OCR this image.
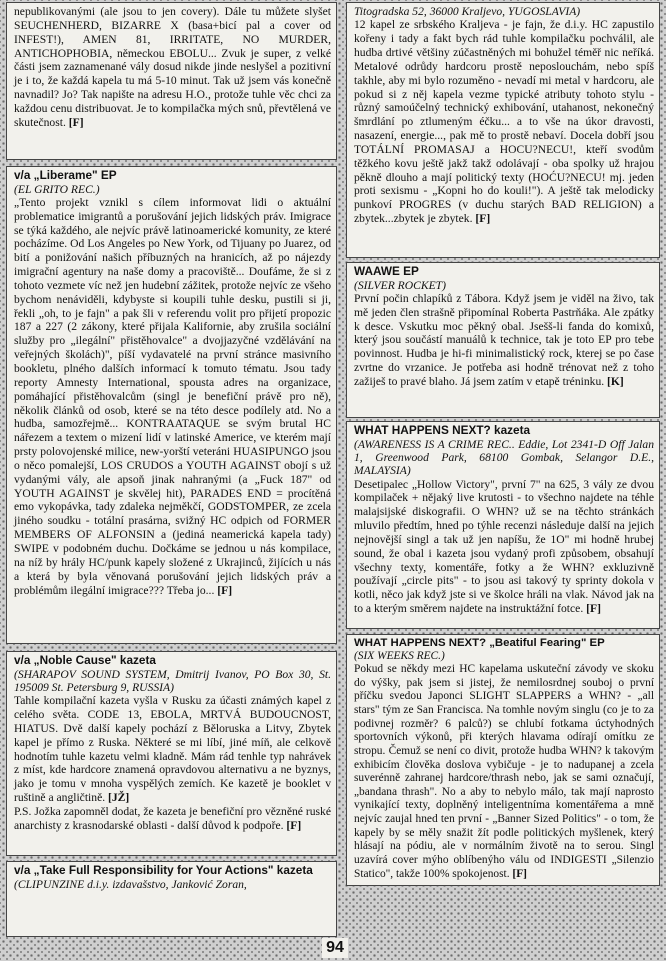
nepublikovanými (ale jsou to jen covery). Dále tu můžete slyšet SEUCHENHERD, BIZARRE X (basa+bicí pal a cover od INFEST!), AMEN 81, IRRITATE, NO MURDER, ANTICHOPHOBIA, německou EBOLU... Zvuk je super, z velké části jsem zaznamenané vály dosud nikde jinde neslyšel a pozitivní je i to, že každá kapela tu má 5-10 minut. Tak už jsem vás konečně navnadil? Jo? Tak napište na adresu H.O., protože tuhle věc chci za každou cenu distribuovat. Je to kompilačka mých snů, převtělená ve skutečnost. [F]

v/a „Liberame" EP
(EL GRITO REC.)

„Tento projekt vznikl s cílem informovat lidi o aktuální problematice imigrantů a porušování jejich lidských práv. Imigrace se týká každého, ale nejvíc právě latinoamerické komunity, ze které pocházíme. Od Los Angeles po New York, od Tijuany po Juarez, od bití a ponižování našich příbuzných na hranicích, až po nájezdy imigrační agentury na naše domy a pracoviště... Doufáme, že si z tohoto vezmete víc než jen hudební zážitek, protože nejvíc ze všeho bychom nenáviděli, kdybyste si koupili tuhle desku, pustili si ji, řekli „oh, to je fajn" a pak šli v referendu volit pro přijetí propozic 187 a 227 (2 zákony, které přijala Kalifornie, aby zrušila sociální služby pro „ilegální" přistěhovalce" a dvojjazyčné vzdělávání na veřejných školách)", píší vydavatelé na první stránce masivního bookletu, plného dalších informací k tomuto tématu. Jsou tady reporty Amnesty International, spousta adres na organizace, pomáhající přistěhovalcům (singl je benefiční právě pro ně), několik článků od osob, které se na této desce podílely atd. No a hudba, samozřejmě... KONTRAATAQUE se svým brutal HC nářezem a textem o mizení lidí v latinské Americe, ve kterém mají prsty polovojenské milice, new-yorští veteráni HUASIPUNGO jsou o něco pomalejší, LOS CRUDOS a YOUTH AGAINST obojí s už vydanými vály, ale apsoň jinak nahranými (a „Fuck 187" od YOUTH AGAINST je skvělej hit), PARADES END = procítěná emo vykopávka, tady zdaleka nejměkčí, GODSTOMPER, ze zcela jiného soudku - totální prasárna, svižný HC odpich od FORMER MEMBERS OF ALFONSIN a (jediná neamerická kapela tady) SWIPE v podobném duchu. Dočkáme se jednou u nás kompilace, na níž by hrály HC/punk kapely složené z Ukrajinců, žijících u nás a která by byla věnovaná porušování jejich lidských práv a problémům ilegální imigrace??? Třeba jo... [F]

v/a „Noble Cause" kazeta
(SHARAPOV SOUND SYSTEM, Dmitrij Ivanov, PO Box 30, St. 195009 St. Petersburg 9, RUSSIA)

Tahle kompilační kazeta vyšla v Rusku za účasti známých kapel z celého světa. CODE 13, EBOLA, MRTVÁ BUDOUCNOST, HIATUS. Dvě další kapely pochází z Běloruska a Litvy, Zbytek kapel je přímo z Ruska. Některé se mi líbí, jiné míň, ale celkově hodnotím tuhle kazetu velmi kladně. Mám rád tenhle typ nahrávek z míst, kde hardcore znamená opravdovou alternativu a ne byznys, jako je tomu v mnoha vyspělých zemích. Ke kazetě je booklet v ruštině a angličtině. [JŽ]

P.S. Jožka zapomněl dodat, že kazeta je benefiční pro vězněné ruské anarchisty z krasnodarské oblasti - další důvod k podpoře. [F]

v/a „Take Full Responsibility for Your Actions" kazeta
(CLIPUNZINE d.i.y. izdavašstvo, Janković Zoran,
Titogradska 52, 36000 Kraljevo, YUGOSLAVIA)

12 kapel ze srbského Kraljeva - je fajn, že d.i.y. HC zapustilo kořeny i tady a fakt bych rád tuhle kompilačku pochválil, ale hudba drtivé většiny zúčastněných mi bohužel téměř nic neříká. Metalové odrůdy hardcoru prostě neposlouchám, nebo spíš takhle, aby mi bylo rozuměno - nevadí mi metal v hardcoru, ale pokud si z něj kapela vezme typické atributy tohoto stylu - různý samoúčelný technický exhibování, utahanost, nekonečný šmrdlání po ztlumeným éčku... a to vše na úkor dravosti, nasazení, energie..., pak mě to prostě nebaví. Docela dobří jsou TOTÁLNÍ PROMASAJ a HOCU?NECU!, kteří svodům těžkého kovu ještě jakž takž odolávají - oba spolky už hrajou pěkně dlouho a mají politický texty (HOĆU?NECU! mj. jeden proti sexismu - „Kopni ho do kouli!"). A ještě tak melodicky punkoví PROGRES (v duchu starých BAD RELIGION) a zbytek...zbytek je zbytek. [F]

WAAWE EP
(SILVER ROCKET)

První počin chlapíků z Tábora. Když jsem je viděl na živo, tak mě jeden člen strašně připomínal Roberta Pastrňáka. Ale zpátky k desce. Vskutku moc pěkný obal. Jsešš-li fanda do komixů, který jsou součástí manuálů k technice, tak je toto EP pro tebe povinnost. Hudba je hi-fi minimalistický rock, kterej se po čase zvrtne do vrzanice. Je potřeba asi hodně trénovat než z toho zažiješ to pravé blaho. Já jsem zatím v etapě tréninku. [K]

WHAT HAPPENS NEXT? kazeta
(AWARENESS IS A CRIME REC.. Eddie, Lot 2341-D Off Jalan 1, Greenwood Park, 68100 Gombak, Selangor D.E., MALAYSIA)

Desetipalec „Hollow Victory", první 7" na 625, 3 vály ze dvou kompilaček + nějaký live krutosti - to všechno najdete na téhle malajsijské diskografii. O WHN? už se na těchto stránkách mluvilo předtím, hned po týhle recenzi následuje další na jejich nejnovější singl a tak už jen napíšu, že 1O" mi hodně hrubej sound, že obal i kazeta jsou vydaný profi způsobem, obsahují všechny texty, komentáře, fotky a že WHN? exkluzivně používají „circle pits" - to jsou asi takový ty sprinty dokola v kotli, něco jak když jste si ve školce hráli na vlak. Návod jak na to a kterým směrem najdete na instruktážní fotce. [F]

WHAT HAPPENS NEXT? „Beatiful Fearing" EP
(SIX WEEKS REC.)

Pokud se někdy mezi HC kapelama uskuteční závody ve skoku do výšky, pak jsem si jistej, že nemilosrdnej souboj o první příčku svedou Japonci SLIGHT SLAPPERS a WHN? - „all stars" tým ze San Francisca. Na tomhle novým singlu (co je to za podivnej rozměr? 6 palců?) se chlubí fotkama úctyhodných sportovních výkonů, při kterých hlavama odírají omítku ze stropu. Čemuž se není co divit, protože hudba WHN? k takovým exhibicím člověka doslova vybičuje - je to nadupanej a zcela suverénně zahranej hardcore/thrash nebo, jak se sami označují, „bandana thrash". No a aby to nebylo málo, tak mají naprosto vynikající texty, doplněný inteligentníma komentářema a mně nejvíc zaujal hned ten první - „Banner Sized Politics" - o tom, že kapely by se měly snažit žít podle politických myšlenek, který hlásají na pódiu, ale v normálním životě na to serou. Singl uzavírá cover mýho oblíbenýho válu od INDIGESTI „Silenzio Statico", takže 100% spokojenost. [F]

94
